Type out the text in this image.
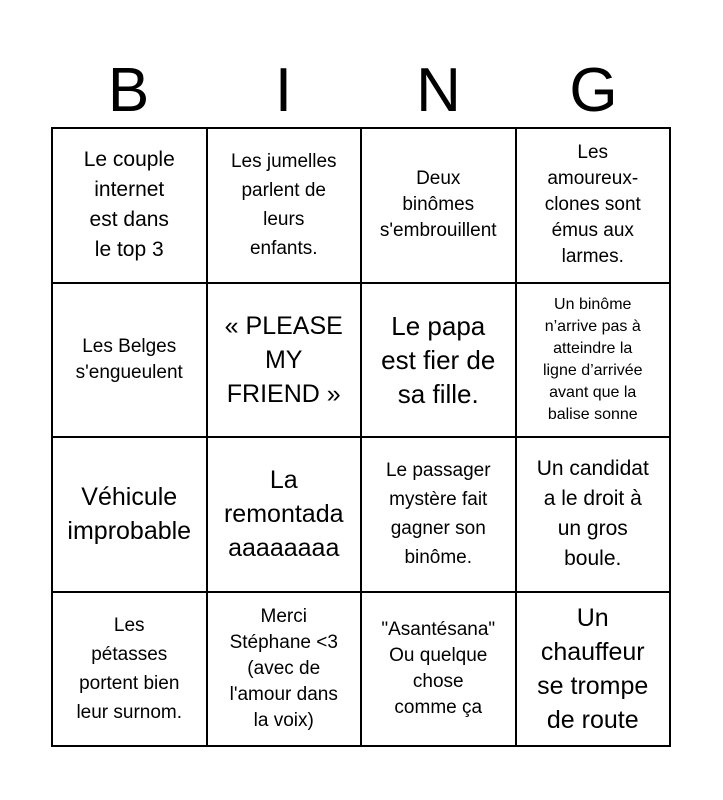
B	I	N	G
Le couple
internet
est dans
le top 3
Les jumelles
parlent de
leurs
enfants.
Deux
binômes
s'embrouillent
Les
amoureux-
clones sont
émus aux
larmes.
Les Belges
s'engueulent
« PLEASE
MY
FRIEND »
Le papa
est fier de
sa fille.
Un binôme
n’arrive pas à
atteindre la
ligne d’arrivée
avant que la
balise sonne
Véhicule
improbable
La
remontada
aaaaaaaa
Le passager
mystère fait
gagner son
binôme.
Un candidat
a le droit à
un gros
boule.
Les
pétasses
portent bien
leur surnom.
Merci
Stéphane <3
(avec de
l'amour dans
la voix)
"Asantésana"
Ou quelque
chose
comme ça
Un
chauffeur
se trompe
de route
